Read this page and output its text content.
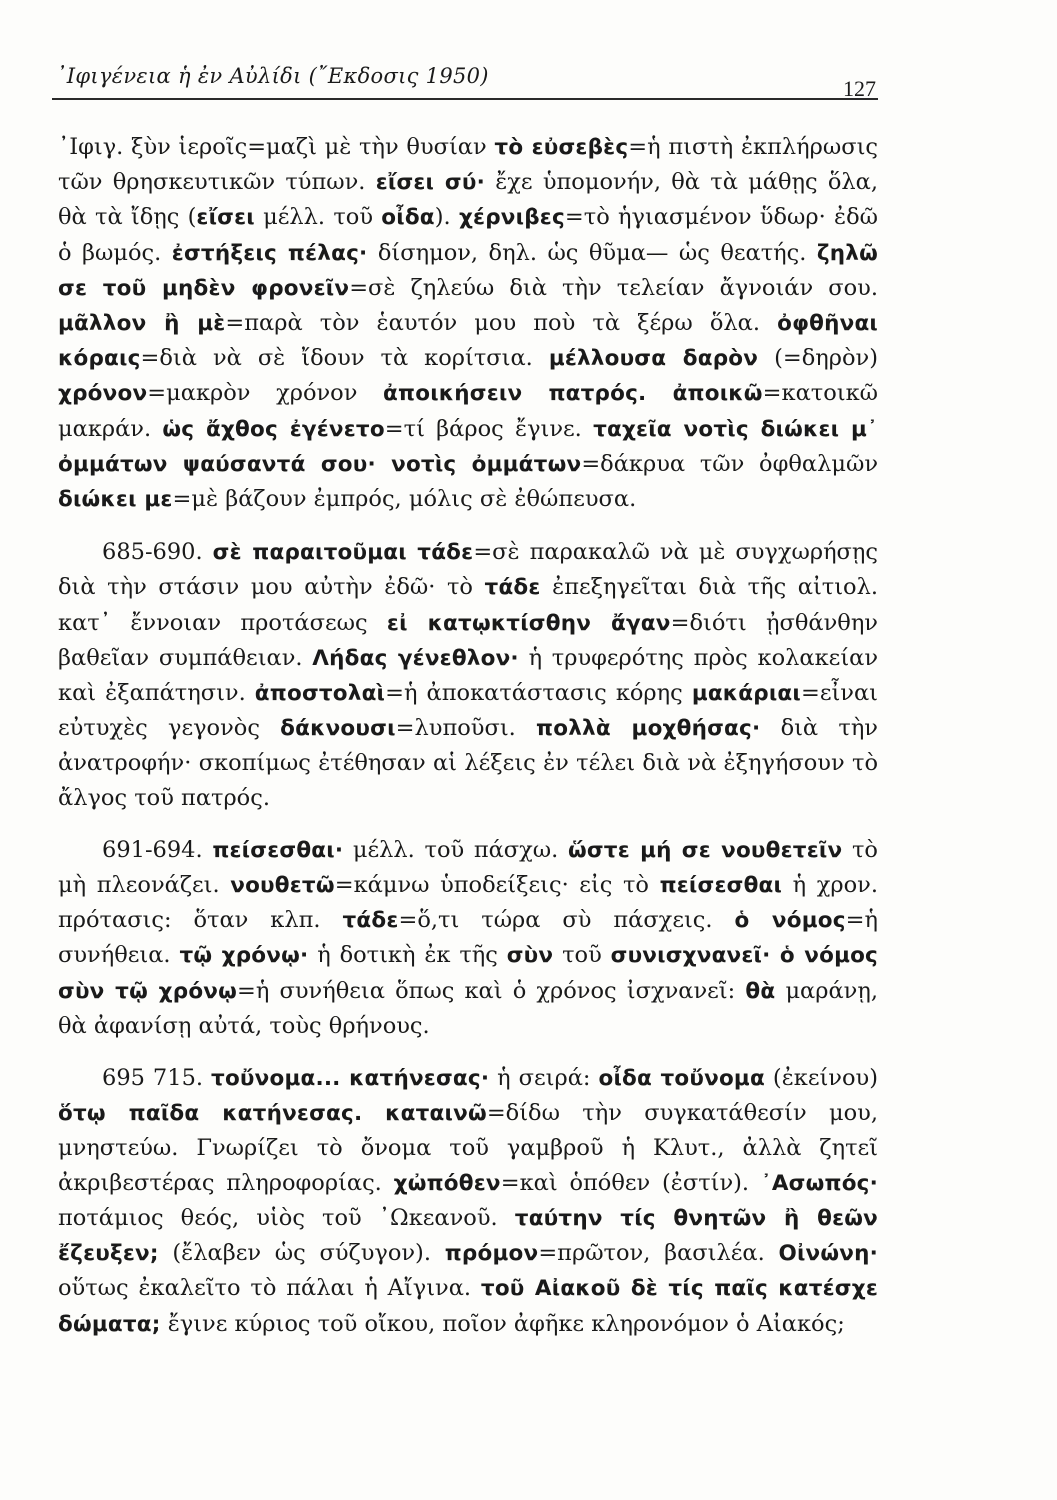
᾿Ιφιγένεια ἡ ἐν Αὐλίδι (῎Εκδοσις 1950)	127

᾿Ιφιγ. ξὺν ἱεροῖς=μαζὶ μὲ τὴν θυσίαν τὸ εὐσεβὲς=ἡ πιστὴ ἐκπλήρωσις τῶν θρησκευτικῶν τύπων. εἴσει σύ· ἔχε ὑπομονήν, θὰ τὰ μάθῃς ὅλα, θὰ τὰ ἴδῃς (εἴσει μέλλ. τοῦ οἶδα). χέρνιβες=τὸ ἡγιασμένον ὕδωρ· ἐδῶ ὁ βωμός. ἐστήξεις πέλας· δίσημον, δηλ. ὡς θῦμα— ὡς θεατής. ζηλῶ σε τοῦ μηδὲν φρονεῖν=σὲ ζηλεύω διὰ τὴν τελείαν ἄγνοιάν σου. μᾶλλον ἢ μὲ=παρὰ τὸν ἑαυτόν μου ποὺ τὰ ξέρω ὅλα. ὀφθῆναι κόραις=διὰ νὰ σὲ ἴδουν τὰ κορίτσια. μέλλουσα δαρὸν (=δηρὸν) χρόνον=μακρὸν χρόνον ἀποικήσειν πατρός. ἀποικῶ=κατοικῶ μακράν. ὡς ἄχθος ἐγένετο=τί βάρος ἔγινε. ταχεῖα νοτὶς διώκει μ᾿ ὀμμάτων ψαύσαντά σου· νοτὶς ὀμμάτων=δάκρυα τῶν ὀφθαλμῶν διώκει με=μὲ βάζουν ἐμπρός, μόλις σὲ ἐθώπευσα.

685-690. σὲ παραιτοῦμαι τάδε=σὲ παρακαλῶ νὰ μὲ συγχωρήσῃς διὰ τὴν στάσιν μου αὐτὴν ἐδῶ· τὸ τάδε ἐπεξηγεῖται διὰ τῆς αἰτιολ. κατ᾿ ἔννοιαν προτάσεως εἰ κατῳκτίσθην ἄγαν=διότι ᾐσθάνθην βαθεῖαν συμπάθειαν. Λήδας γένεθλον· ἡ τρυφερότης πρὸς κολακείαν καὶ ἐξαπάτησιν. ἀποστολαὶ=ἡ ἀποκατάστασις κόρης μακάριαι=εἶναι εὐτυχὲς γεγονὸς δάκνουσι=λυποῦσι. πολλὰ μοχθήσας· διὰ τὴν ἀνατροφήν· σκοπίμως ἐτέθησαν αἱ λέξεις ἐν τέλει διὰ νὰ ἐξηγήσουν τὸ ἄλγος τοῦ πατρός.

691-694. πείσεσθαι· μέλλ. τοῦ πάσχω. ὥστε μή σε νουθετεῖν τὸ μὴ πλεονάζει. νουθετῶ=κάμνω ὑποδείξεις· εἰς τὸ πείσεσθαι ἡ χρον. πρότασις: ὅταν κλπ. τάδε=ὅ,τι τώρα σὺ πάσχεις. ὁ νόμος=ἡ συνήθεια. τῷ χρόνῳ· ἡ δοτικὴ ἐκ τῆς σὺν τοῦ συνισχνανεῖ· ὁ νόμος σὺν τῷ χρόνῳ=ἡ συνήθεια ὅπως καὶ ὁ χρόνος ἰσχνανεῖ: θὰ μαράνῃ, θὰ ἀφανίσῃ αὐτά, τοὺς θρήνους.

695 715. τοὔνομα... κατήνεσας· ἡ σειρά: οἶδα τοὔνομα (ἐκείνου) ὅτῳ παῖδα κατήνεσας. καταινῶ=δίδω τὴν συγκατάθεσίν μου, μνηστεύω. Γνωρίζει τὸ ὄνομα τοῦ γαμβροῦ ἡ Κλυτ., ἀλλὰ ζητεῖ ἀκριβεστέρας πληροφορίας. χὠπόθεν=καὶ ὁπόθεν (ἐστίν). ᾿Ασωπός· ποτάμιος θεός, υἱὸς τοῦ ᾿Ωκεανοῦ. ταύτην τίς θνητῶν ἢ θεῶν ἔζευξεν; (ἔλαβεν ὡς σύζυγον). πρόμον=πρῶτον, βασιλέα. Οἰνώνη· οὕτως ἐκαλεῖτο τὸ πάλαι ἡ Αἴγινα. τοῦ Αἰακοῦ δὲ τίς παῖς κατέσχε δώματα; ἔγινε κύριος τοῦ οἴκου, ποῖον ἀφῆκε κληρονόμον ὁ Αἰακός;
